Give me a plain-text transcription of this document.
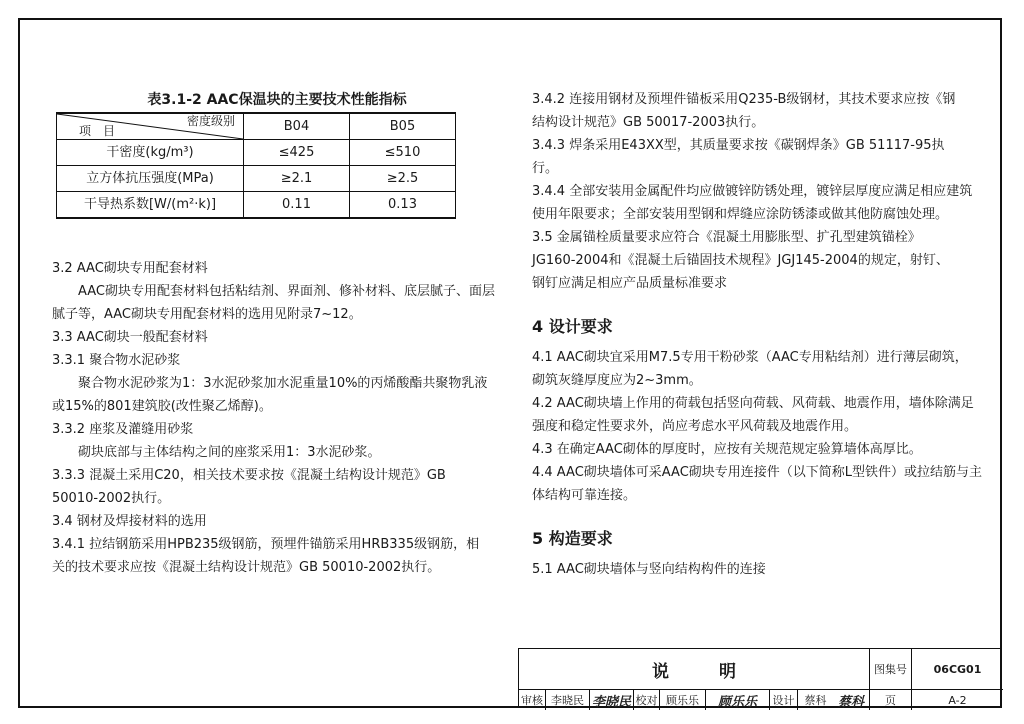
表3.1-2 AAC保温块的主要技术性能指标

密度级别
项　目	B04	B05
干密度(kg/m³)	≤425	≤510
立方体抗压强度(MPa)	≥2.1	≥2.5
干导热系数[W/(m²·k)]	0.11	0.13

3.2 AAC砌块专用配套材料

AAC砌块专用配套材料包括粘结剂、界面剂、修补材料、底层腻子、面层

腻子等，AAC砌块专用配套材料的选用见附录7~12。

3.3 AAC砌块一般配套材料

3.3.1 聚合物水泥砂浆

聚合物水泥砂浆为1：3水泥砂浆加水泥重量10%的丙烯酸酯共聚物乳液

或15%的801建筑胶(改性聚乙烯醇)。

3.3.2 座浆及灌缝用砂浆

砌块底部与主体结构之间的座浆采用1：3水泥砂浆。

3.3.3 混凝土采用C20，相关技术要求按《混凝土结构设计规范》GB

50010-2002执行。

3.4 钢材及焊接材料的选用

3.4.1 拉结钢筋采用HPB235级钢筋，预埋件锚筋采用HRB335级钢筋，相

关的技术要求应按《混凝土结构设计规范》GB 50010-2002执行。

3.4.2 连接用钢材及预埋件锚板采用Q235-B级钢材，其技术要求应按《钢

结构设计规范》GB 50017-2003执行。

3.4.3 焊条采用E43XX型，其质量要求按《碳钢焊条》GB 51117-95执

行。

3.4.4 全部安装用金属配件均应做镀锌防锈处理，镀锌层厚度应满足相应建筑

使用年限要求；全部安装用型钢和焊缝应涂防锈漆或做其他防腐蚀处理。

3.5 金属锚栓质量要求应符合《混凝土用膨胀型、扩孔型建筑锚栓》

JG160-2004和《混凝土后锚固技术规程》JGJ145-2004的规定，射钉、

钢钉应满足相应产品质量标准要求

4 设计要求

4.1 AAC砌块宜采用M7.5专用干粉砂浆（AAC专用粘结剂）进行薄层砌筑，

砌筑灰缝厚度应为2~3mm。

4.2 AAC砌块墙上作用的荷载包括竖向荷载、风荷载、地震作用，墙体除满足

强度和稳定性要求外，尚应考虑水平风荷载及地震作用。

4.3 在确定AAC砌体的厚度时，应按有关规范规定验算墙体高厚比。

4.4 AAC砌块墙体可采AAC砌块专用连接件（以下简称L型铁件）或拉结筋与主

体结构可靠连接。

5 构造要求

5.1 AAC砌块墙体与竖向结构构件的连接

说明	图集号	06CG01
审核 李晓民 李晓民 校对 顾乐乐	顾乐乐	设计 蔡科 蔡科	页	A-2
